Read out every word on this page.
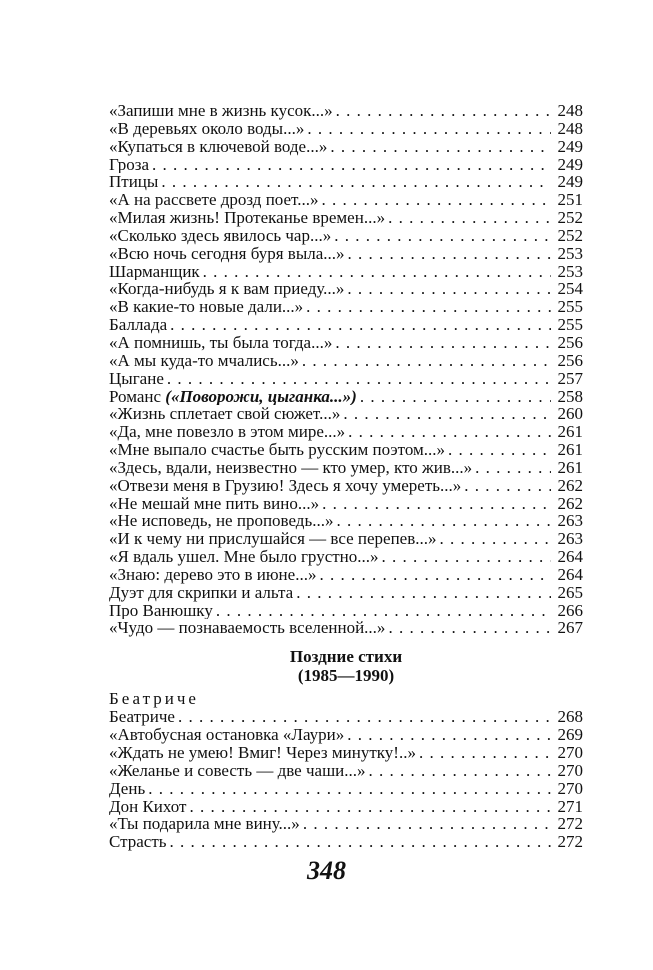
«Запиши мне в жизнь кусок...» . . .	248
«В деревьях около воды...» . . .	248
«Купаться в ключевой воде...» . . .	249
Гроза . . .	249
Птицы . . .	249
«А на рассвете дрозд поет...» . . .	251
«Милая жизнь! Протеканье времен...» . . .	252
«Сколько здесь явилось чар...» . . .	252
«Всю ночь сегодня буря выла...» . . .	253
Шарманщик . . .	253
«Когда-нибудь я к вам приеду...» . . .	254
«В какие-то новые дали...» . . .	255
Баллада . . .	255
«А помнишь, ты была тогда...» . . .	256
«А мы куда-то мчались...» . . .	256
Цыгане . . .	257
Романс («Поворожи, цыганка...») . . .	258
«Жизнь сплетает свой сюжет...» . . .	260
«Да, мне повезло в этом мире...» . . .	261
«Мне выпало счастье быть русским поэтом...» . . .	261
«Здесь, вдали, неизвестно — кто умер, кто жив...» . . .	261
«Отвези меня в Грузию! Здесь я хочу умереть...» . . .	262
«Не мешай мне пить вино...» . . .	262
«Не исповедь, не проповедь...» . . .	263
«И к чему ни прислушайся — все перепев...» . . .	263
«Я вдаль ушел. Мне было грустно...» . . .	264
«Знаю: дерево это в июне...» . . .	264
Дуэт для скрипки и альта . . .	265
Про Ванюшку . . .	266
«Чудо — познаваемость вселенной...» . . .	267
Поздние стихи
(1985—1990)
Беатриче
Беатриче . . .	268
«Автобусная остановка «Лаури» . . .	269
«Ждать не умею! Вмиг! Через минутку!..» . . .	270
«Желанье и совесть — две чаши...» . . .	270
День . . .	270
Дон Кихот . . .	271
«Ты подарила мне вину...» . . .	272
Страсть . . .	272
348
